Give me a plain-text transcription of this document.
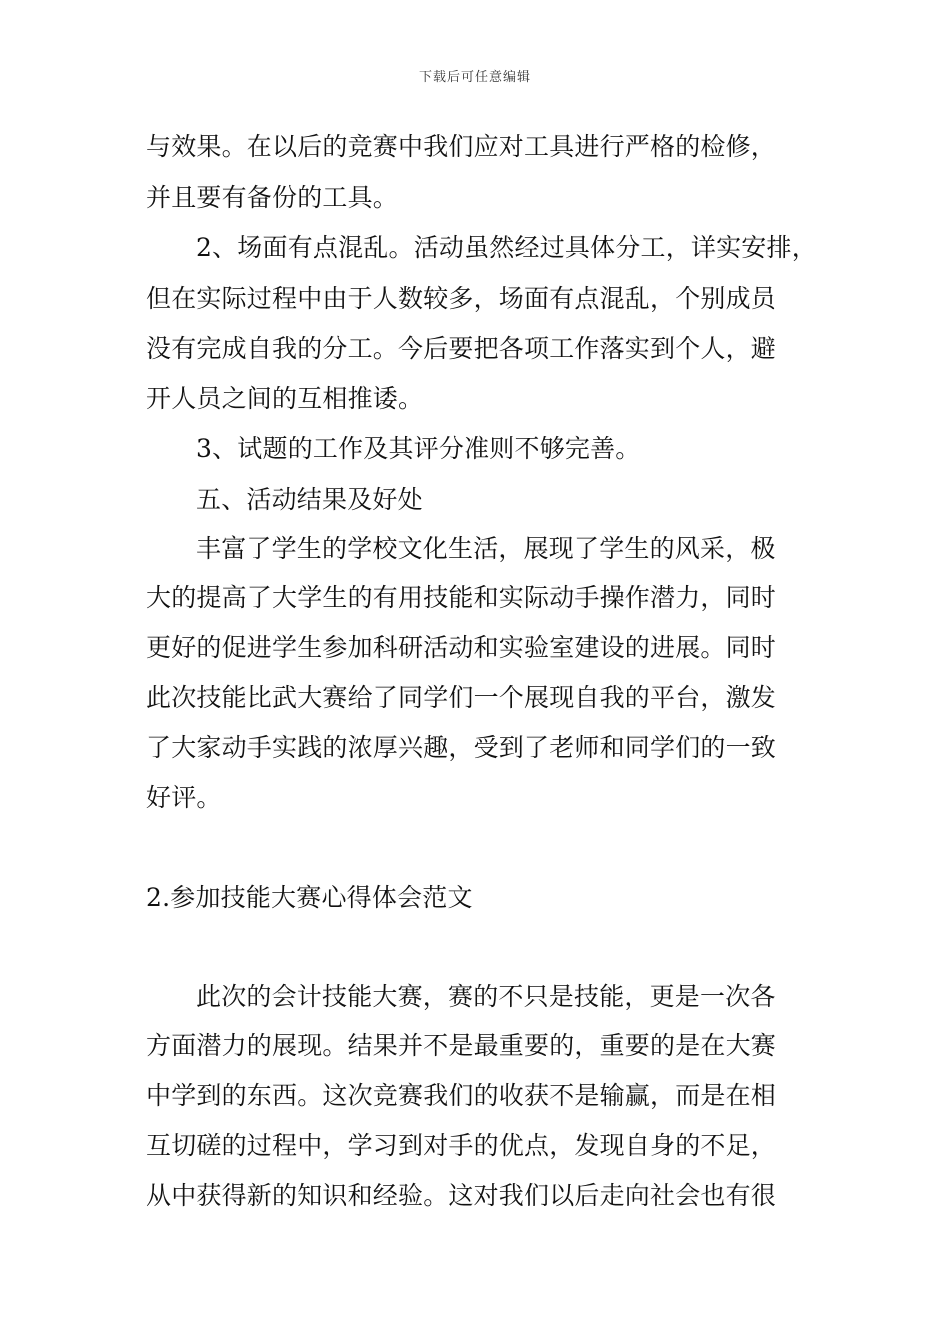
下载后可任意编辑
与效果。在以后的竞赛中我们应对工具进行严格的检修，
并且要有备份的工具。
2、场面有点混乱。活动虽然经过具体分工，详实安排，
但在实际过程中由于人数较多，场面有点混乱，个别成员
没有完成自我的分工。今后要把各项工作落实到个人，避
开人员之间的互相推诿。
3、试题的工作及其评分准则不够完善。
五、活动结果及好处
丰富了学生的学校文化生活，展现了学生的风采，极
大的提高了大学生的有用技能和实际动手操作潜力，同时
更好的促进学生参加科研活动和实验室建设的进展。同时
此次技能比武大赛给了同学们一个展现自我的平台，激发
了大家动手实践的浓厚兴趣，受到了老师和同学们的一致
好评。
2.参加技能大赛心得体会范文
此次的会计技能大赛，赛的不只是技能，更是一次各
方面潜力的展现。结果并不是最重要的，重要的是在大赛
中学到的东西。这次竞赛我们的收获不是输赢，而是在相
互切磋的过程中，学习到对手的优点，发现自身的不足，
从中获得新的知识和经验。这对我们以后走向社会也有很
